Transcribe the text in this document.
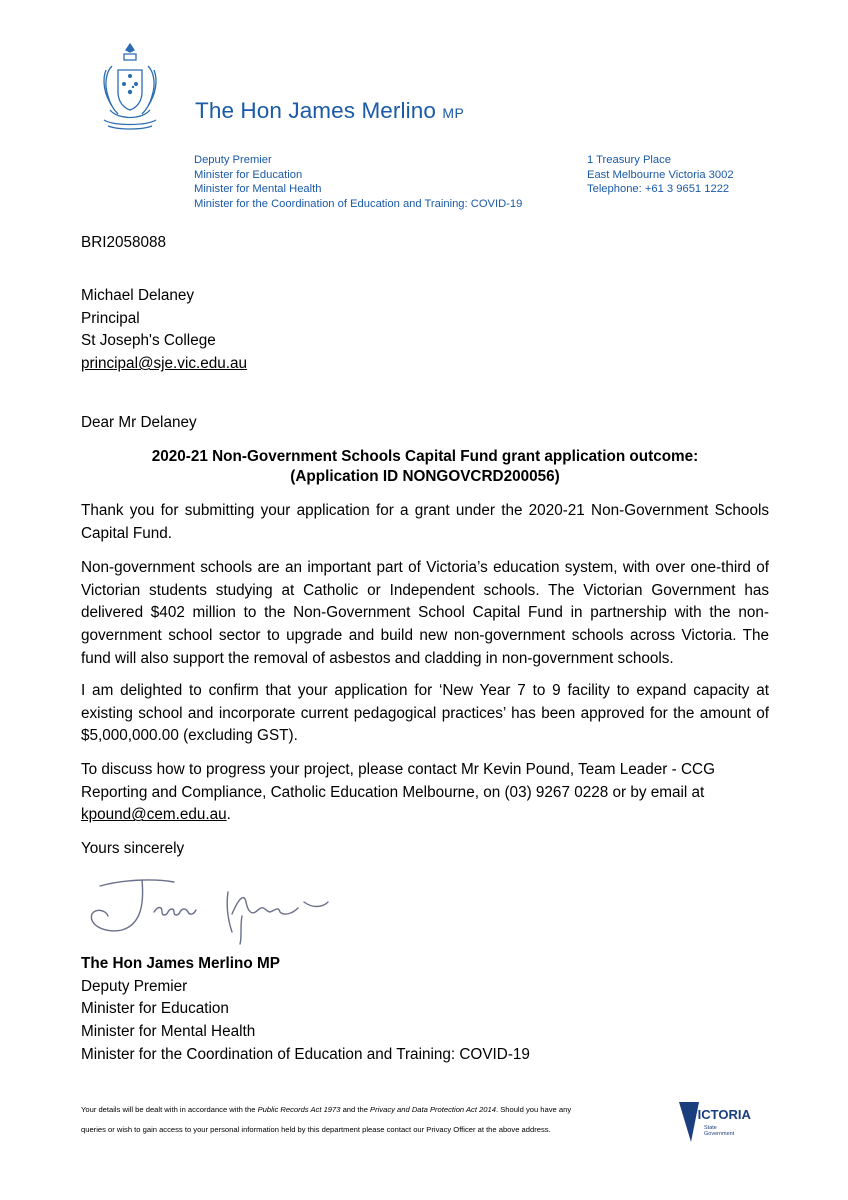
The Hon James Merlino MP
Deputy Premier
Minister for Education
Minister for Mental Health
Minister for the Coordination of Education and Training: COVID-19
1 Treasury Place
East Melbourne Victoria 3002
Telephone: +61 3 9651 1222
BRI2058088
Michael Delaney
Principal
St Joseph's College
principal@sje.vic.edu.au
Dear Mr Delaney
2020-21 Non-Government Schools Capital Fund grant application outcome:
(Application ID NONGOVCRD200056)
Thank you for submitting your application for a grant under the 2020-21 Non-Government Schools Capital Fund.
Non-government schools are an important part of Victoria’s education system, with over one-third of Victorian students studying at Catholic or Independent schools. The Victorian Government has delivered $402 million to the Non-Government School Capital Fund in partnership with the non-government school sector to upgrade and build new non-government schools across Victoria. The fund will also support the removal of asbestos and cladding in non-government schools.
I am delighted to confirm that your application for ‘New Year 7 to 9 facility to expand capacity at existing school and incorporate current pedagogical practices’ has been approved for the amount of $5,000,000.00 (excluding GST).
To discuss how to progress your project, please contact Mr Kevin Pound, Team Leader - CCG
Reporting and Compliance, Catholic Education Melbourne, on (03) 9267 0228 or by email at
kpound@cem.edu.au.
Yours sincerely
The Hon James Merlino MP
Deputy Premier
Minister for Education
Minister for Mental Health
Minister for the Coordination of Education and Training: COVID-19
Your details will be dealt with in accordance with the Public Records Act 1973 and the Privacy and Data Protection Act 2014. Should you have any
queries or wish to gain access to your personal information held by this department please contact our Privacy Officer at the above address.
VICTORIA
State
Government
